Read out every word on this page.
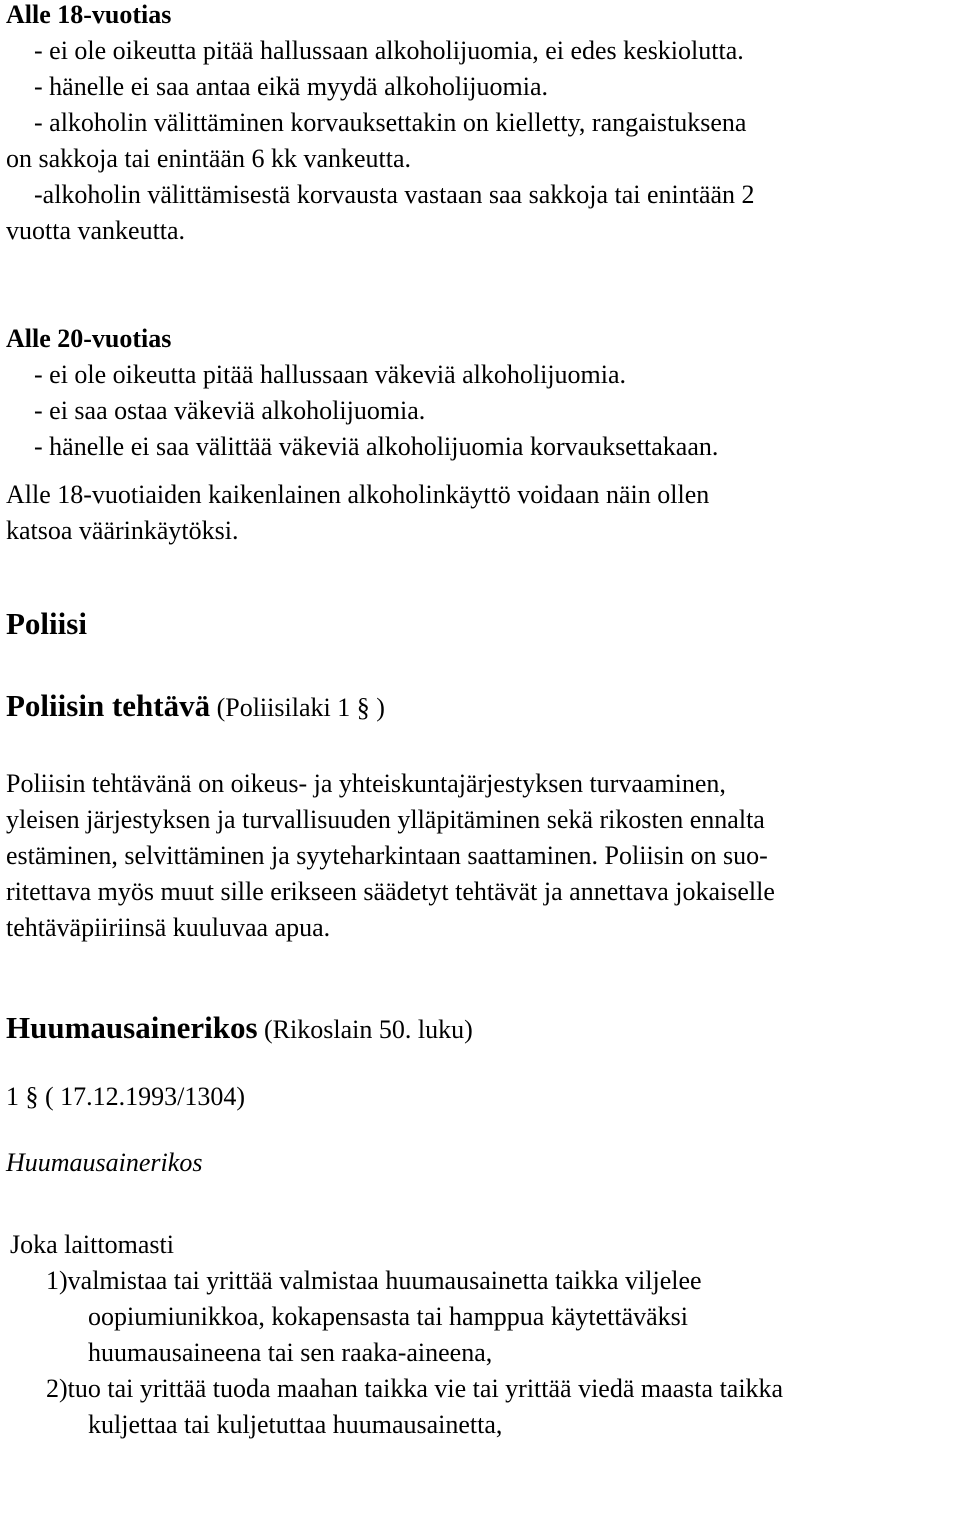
Alle 18-vuotias
- ei ole oikeutta pitää hallussaan alkoholijuomia, ei edes keskiolutta.
- hänelle ei saa antaa eikä myydä alkoholijuomia.
- alkoholin välittäminen korvauksettakin on kielletty, rangaistuksena
on sakkoja tai enintään 6 kk vankeutta.
-alkoholin välittämisestä korvausta vastaan saa sakkoja tai enintään 2
vuotta vankeutta.
Alle 20-vuotias
- ei ole oikeutta pitää hallussaan väkeviä alkoholijuomia.
- ei saa ostaa väkeviä alkoholijuomia.
- hänelle ei saa välittää väkeviä alkoholijuomia korvauksettakaan.
Alle 18-vuotiaiden kaikenlainen alkoholinkäyttö voidaan näin ollen
katsoa väärinkäytöksi.
Poliisi
Poliisin tehtävä (Poliisilaki 1 § )
Poliisin tehtävänä on oikeus- ja yhteiskuntajärjestyksen turvaaminen,
yleisen järjestyksen ja turvallisuuden ylläpitäminen sekä rikosten ennalta
estäminen, selvittäminen ja syyteharkintaan saattaminen. Poliisin on suo-
ritettava myös muut sille erikseen säädetyt tehtävät ja annettava jokaiselle
tehtäväpiiriinsä kuuluvaa apua.
Huumausainerikos (Rikoslain 50. luku)
1 § ( 17.12.1993/1304)
Huumausainerikos
Joka laittomasti
1)valmistaa tai yrittää valmistaa huumausainetta taikka viljelee
oopiumiunikkoa, kokapensasta tai hamppua käytettäväksi
huumausaineena tai sen raaka-aineena,
2)tuo tai yrittää tuoda maahan taikka vie tai yrittää viedä maasta taikka
kuljettaa tai kuljetuttaa huumausainetta,
